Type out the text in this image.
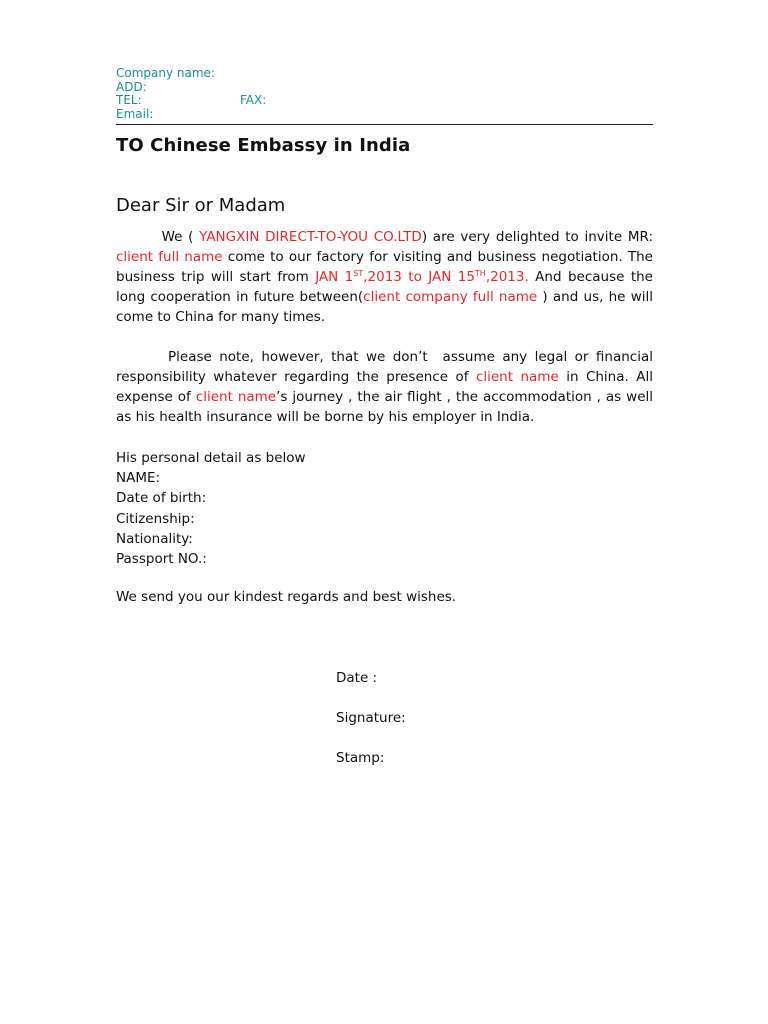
Company name:
ADD:
TEL:	FAX:
Email:
TO Chinese Embassy in India
Dear Sir or Madam
We ( YANGXIN DIRECT-TO-YOU CO.LTD) are very delighted to invite MR: client full name come to our factory for visiting and business negotiation. The business trip will start from JAN 1ST,2013 to JAN 15TH,2013. And because the long cooperation in future between(client company full name ) and us, he will come to China for many times.
Please note, however, that we don’t  assume any legal or financial responsibility whatever regarding the presence of client name in China. All expense of client name’s journey , the air flight , the accommodation , as well as his health insurance will be borne by his employer in India.
His personal detail as below
NAME:
Date of birth:
Citizenship:
Nationality:
Passport NO.:
We send you our kindest regards and best wishes.
Date :
Signature:
Stamp:
